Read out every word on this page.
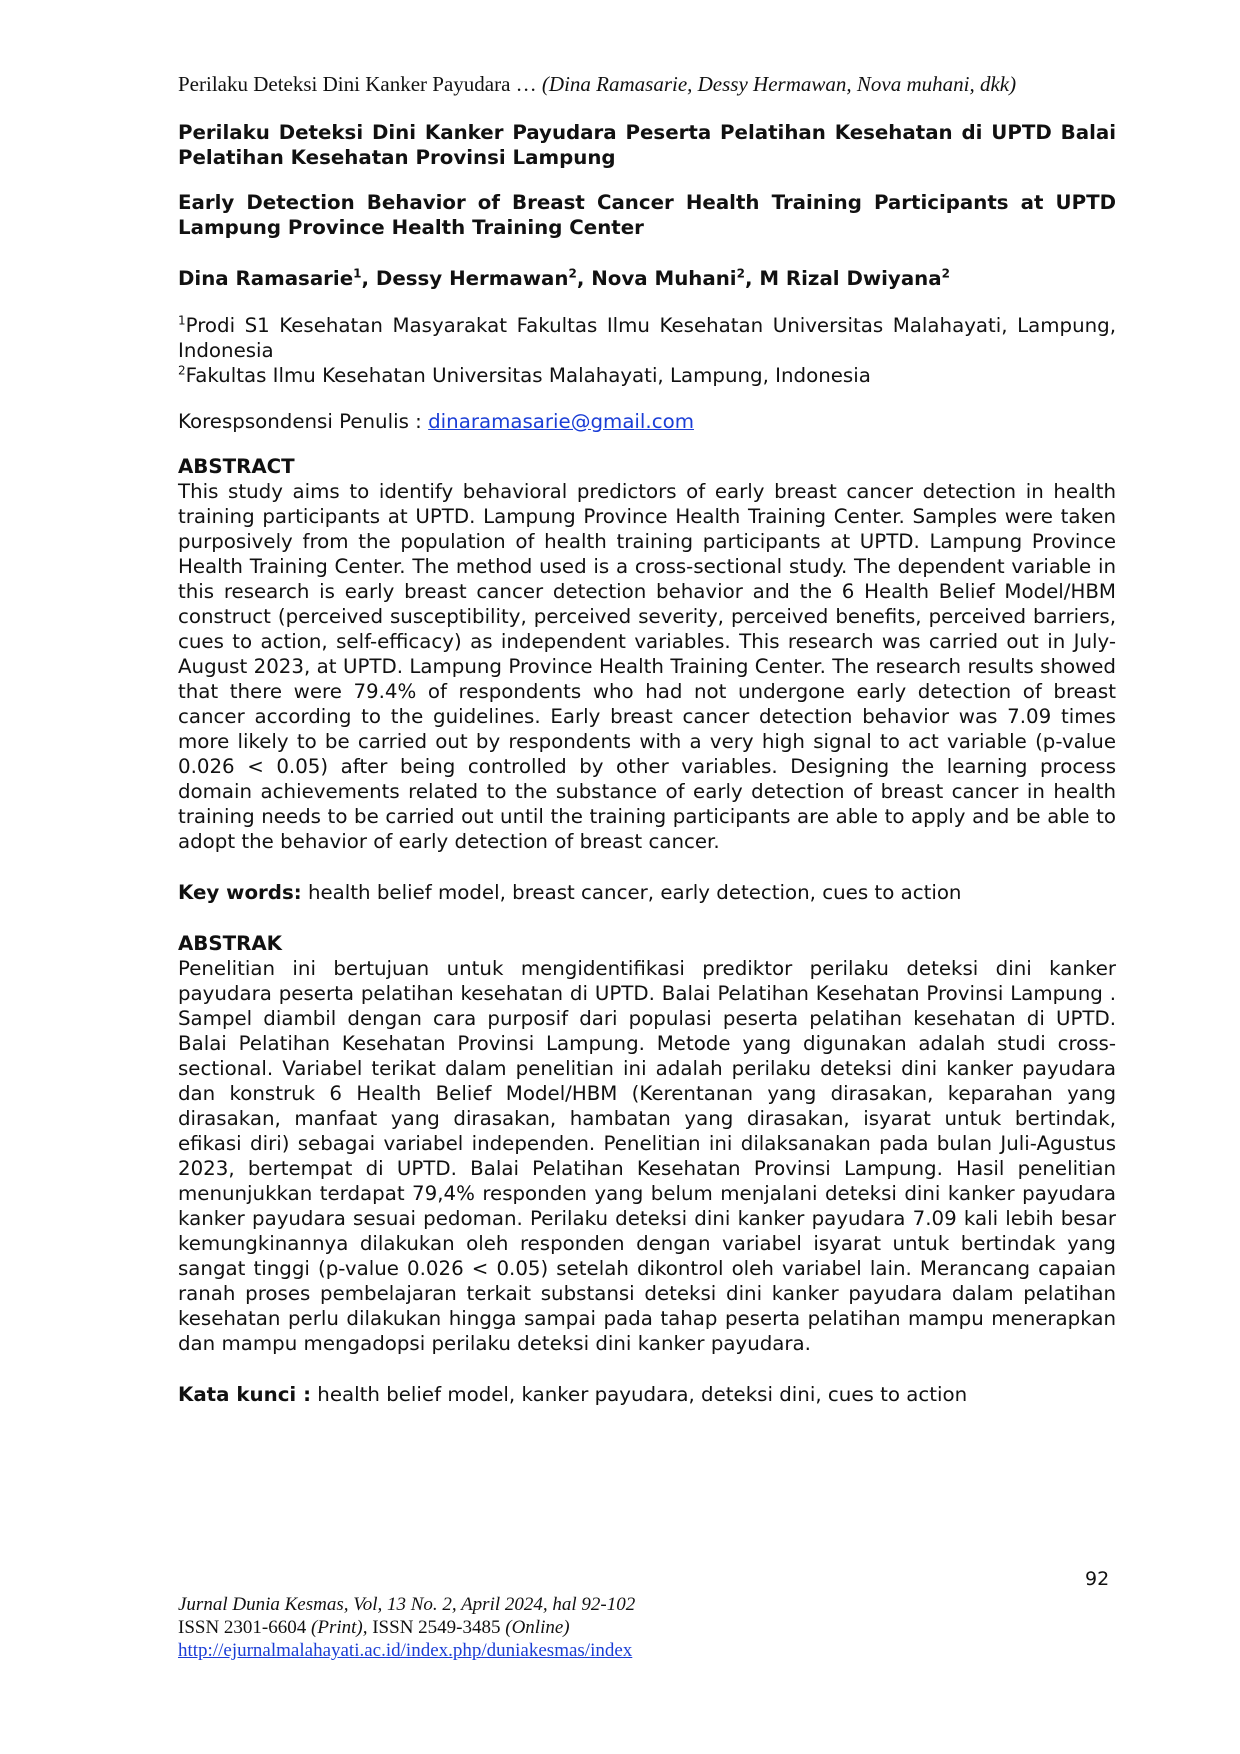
Perilaku Deteksi Dini Kanker Payudara … (Dina Ramasarie, Dessy Hermawan, Nova muhani, dkk)

Perilaku Deteksi Dini Kanker Payudara Peserta Pelatihan Kesehatan di UPTD Balai Pelatihan Kesehatan Provinsi Lampung

Early Detection Behavior of Breast Cancer Health Training Participants at UPTD Lampung Province Health Training Center

Dina Ramasarie$^1$, Dessy Hermawan$^2$, Nova Muhani$^2$, M Rizal Dwiyana$^2$

$^1$Prodi S1 Kesehatan Masyarakat Fakultas Ilmu Kesehatan Universitas Malahayati, Lampung, Indonesia

$^2$Fakultas Ilmu Kesehatan Universitas Malahayati, Lampung, Indonesia

Korespsondensi Penulis : dinaramasarie@gmail.com

ABSTRACT

This study aims to identify behavioral predictors of early breast cancer detection in health training participants at UPTD. Lampung Province Health Training Center. Samples were taken purposively from the population of health training participants at UPTD. Lampung Province Health Training Center. The method used is a cross-sectional study. The dependent variable in this research is early breast cancer detection behavior and the 6 Health Belief Model/HBM construct (perceived susceptibility, perceived severity, perceived benefits, perceived barriers, cues to action, self-efficacy) as independent variables. This research was carried out in July-August 2023, at UPTD. Lampung Province Health Training Center. The research results showed that there were 79.4% of respondents who had not undergone early detection of breast cancer according to the guidelines. Early breast cancer detection behavior was 7.09 times more likely to be carried out by respondents with a very high signal to act variable (p-value 0.026 < 0.05) after being controlled by other variables. Designing the learning process domain achievements related to the substance of early detection of breast cancer in health training needs to be carried out until the training participants are able to apply and be able to adopt the behavior of early detection of breast cancer.

Key words: health belief model, breast cancer, early detection, cues to action

ABSTRAK

Penelitian ini bertujuan untuk mengidentifikasi prediktor perilaku deteksi dini kanker payudara peserta pelatihan kesehatan di UPTD. Balai Pelatihan Kesehatan Provinsi Lampung . Sampel diambil dengan cara purposif dari populasi peserta pelatihan kesehatan di UPTD. Balai Pelatihan Kesehatan Provinsi Lampung. Metode yang digunakan adalah studi cross-sectional. Variabel terikat dalam penelitian ini adalah perilaku deteksi dini kanker payudara dan konstruk 6 Health Belief Model/HBM (Kerentanan yang dirasakan, keparahan yang dirasakan, manfaat yang dirasakan, hambatan yang dirasakan, isyarat untuk bertindak, efikasi diri) sebagai variabel independen. Penelitian ini dilaksanakan pada bulan Juli-Agustus 2023, bertempat di UPTD. Balai Pelatihan Kesehatan Provinsi Lampung. Hasil penelitian menunjukkan terdapat 79,4% responden yang belum menjalani deteksi dini kanker payudara kanker payudara sesuai pedoman. Perilaku deteksi dini kanker payudara 7.09 kali lebih besar kemungkinannya dilakukan oleh responden dengan variabel isyarat untuk bertindak yang sangat tinggi (p-value 0.026 < 0.05) setelah dikontrol oleh variabel lain. Merancang capaian ranah proses pembelajaran terkait substansi deteksi dini kanker payudara dalam pelatihan kesehatan perlu dilakukan hingga sampai pada tahap peserta pelatihan mampu menerapkan dan mampu mengadopsi perilaku deteksi dini kanker payudara.

Kata kunci : health belief model, kanker payudara, deteksi dini, cues to action

92
Jurnal Dunia Kesmas, Vol, 13 No. 2, April 2024, hal 92-102
ISSN 2301-6604 (Print), ISSN 2549-3485 (Online)
http://ejurnalmalahayati.ac.id/index.php/duniakesmas/index
